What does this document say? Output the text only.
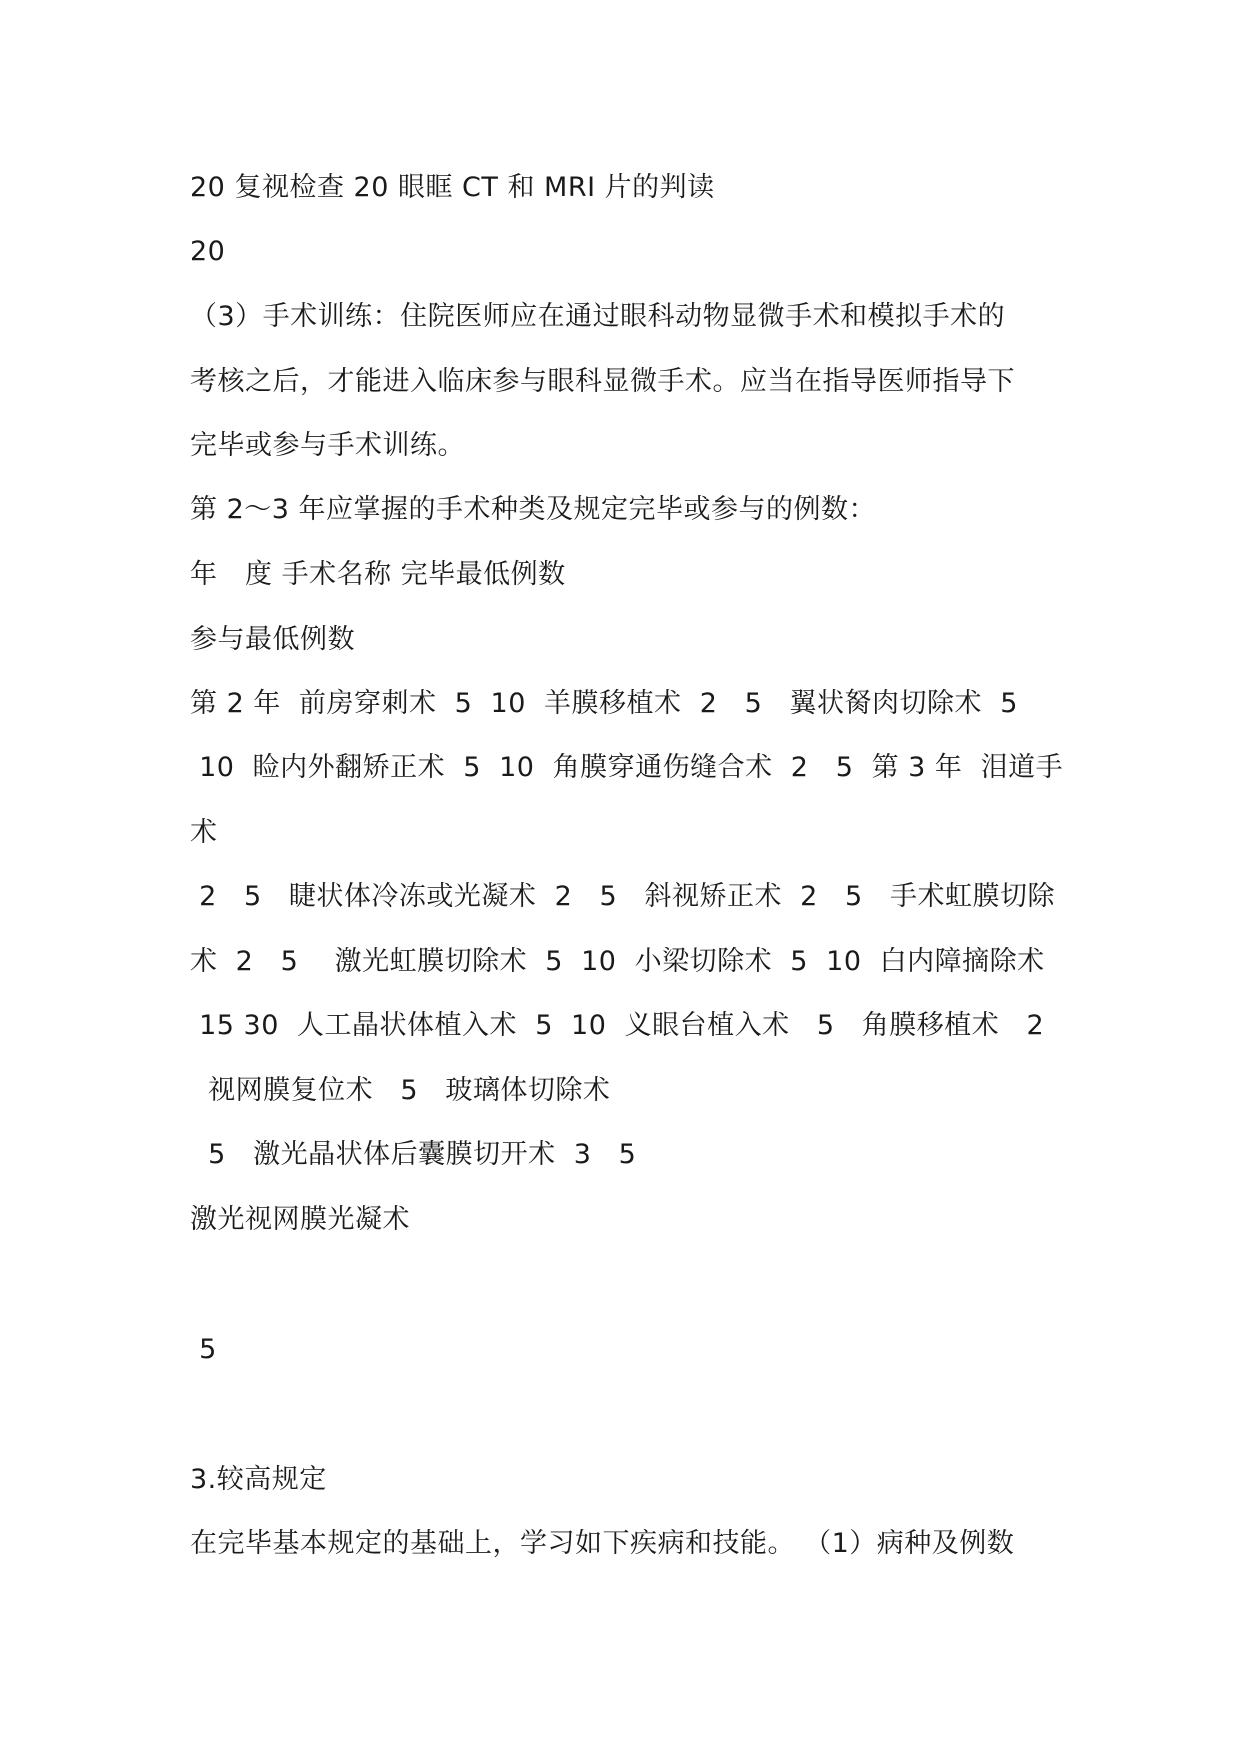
20 复视检查 20 眼眶 CT 和 MRI 片的判读
20
（3）手术训练：住院医师应在通过眼科动物显微手术和模拟手术的
考核之后，才能进入临床参与眼科显微手术。应当在指导医师指导下
完毕或参与手术训练。
第 2～3 年应掌握的手术种类及规定完毕或参与的例数：
年　度 手术名称 完毕最低例数
参与最低例数
第 2 年  前房穿刺术  5  10  羊膜移植术  2   5   翼状胬肉切除术  5
10  睑内外翻矫正术  5  10  角膜穿通伤缝合术  2   5  第 3 年  泪道手
术
2   5   睫状体冷冻或光凝术  2   5   斜视矫正术  2   5   手术虹膜切除
术  2   5    激光虹膜切除术  5  10  小梁切除术  5  10  白内障摘除术
15 30  人工晶状体植入术  5  10  义眼台植入术   5   角膜移植术   2
视网膜复位术   5   玻璃体切除术
5   激光晶状体后囊膜切开术  3   5
激光视网膜光凝术
5
3.较高规定
在完毕基本规定的基础上，学习如下疾病和技能。 （1）病种及例数
